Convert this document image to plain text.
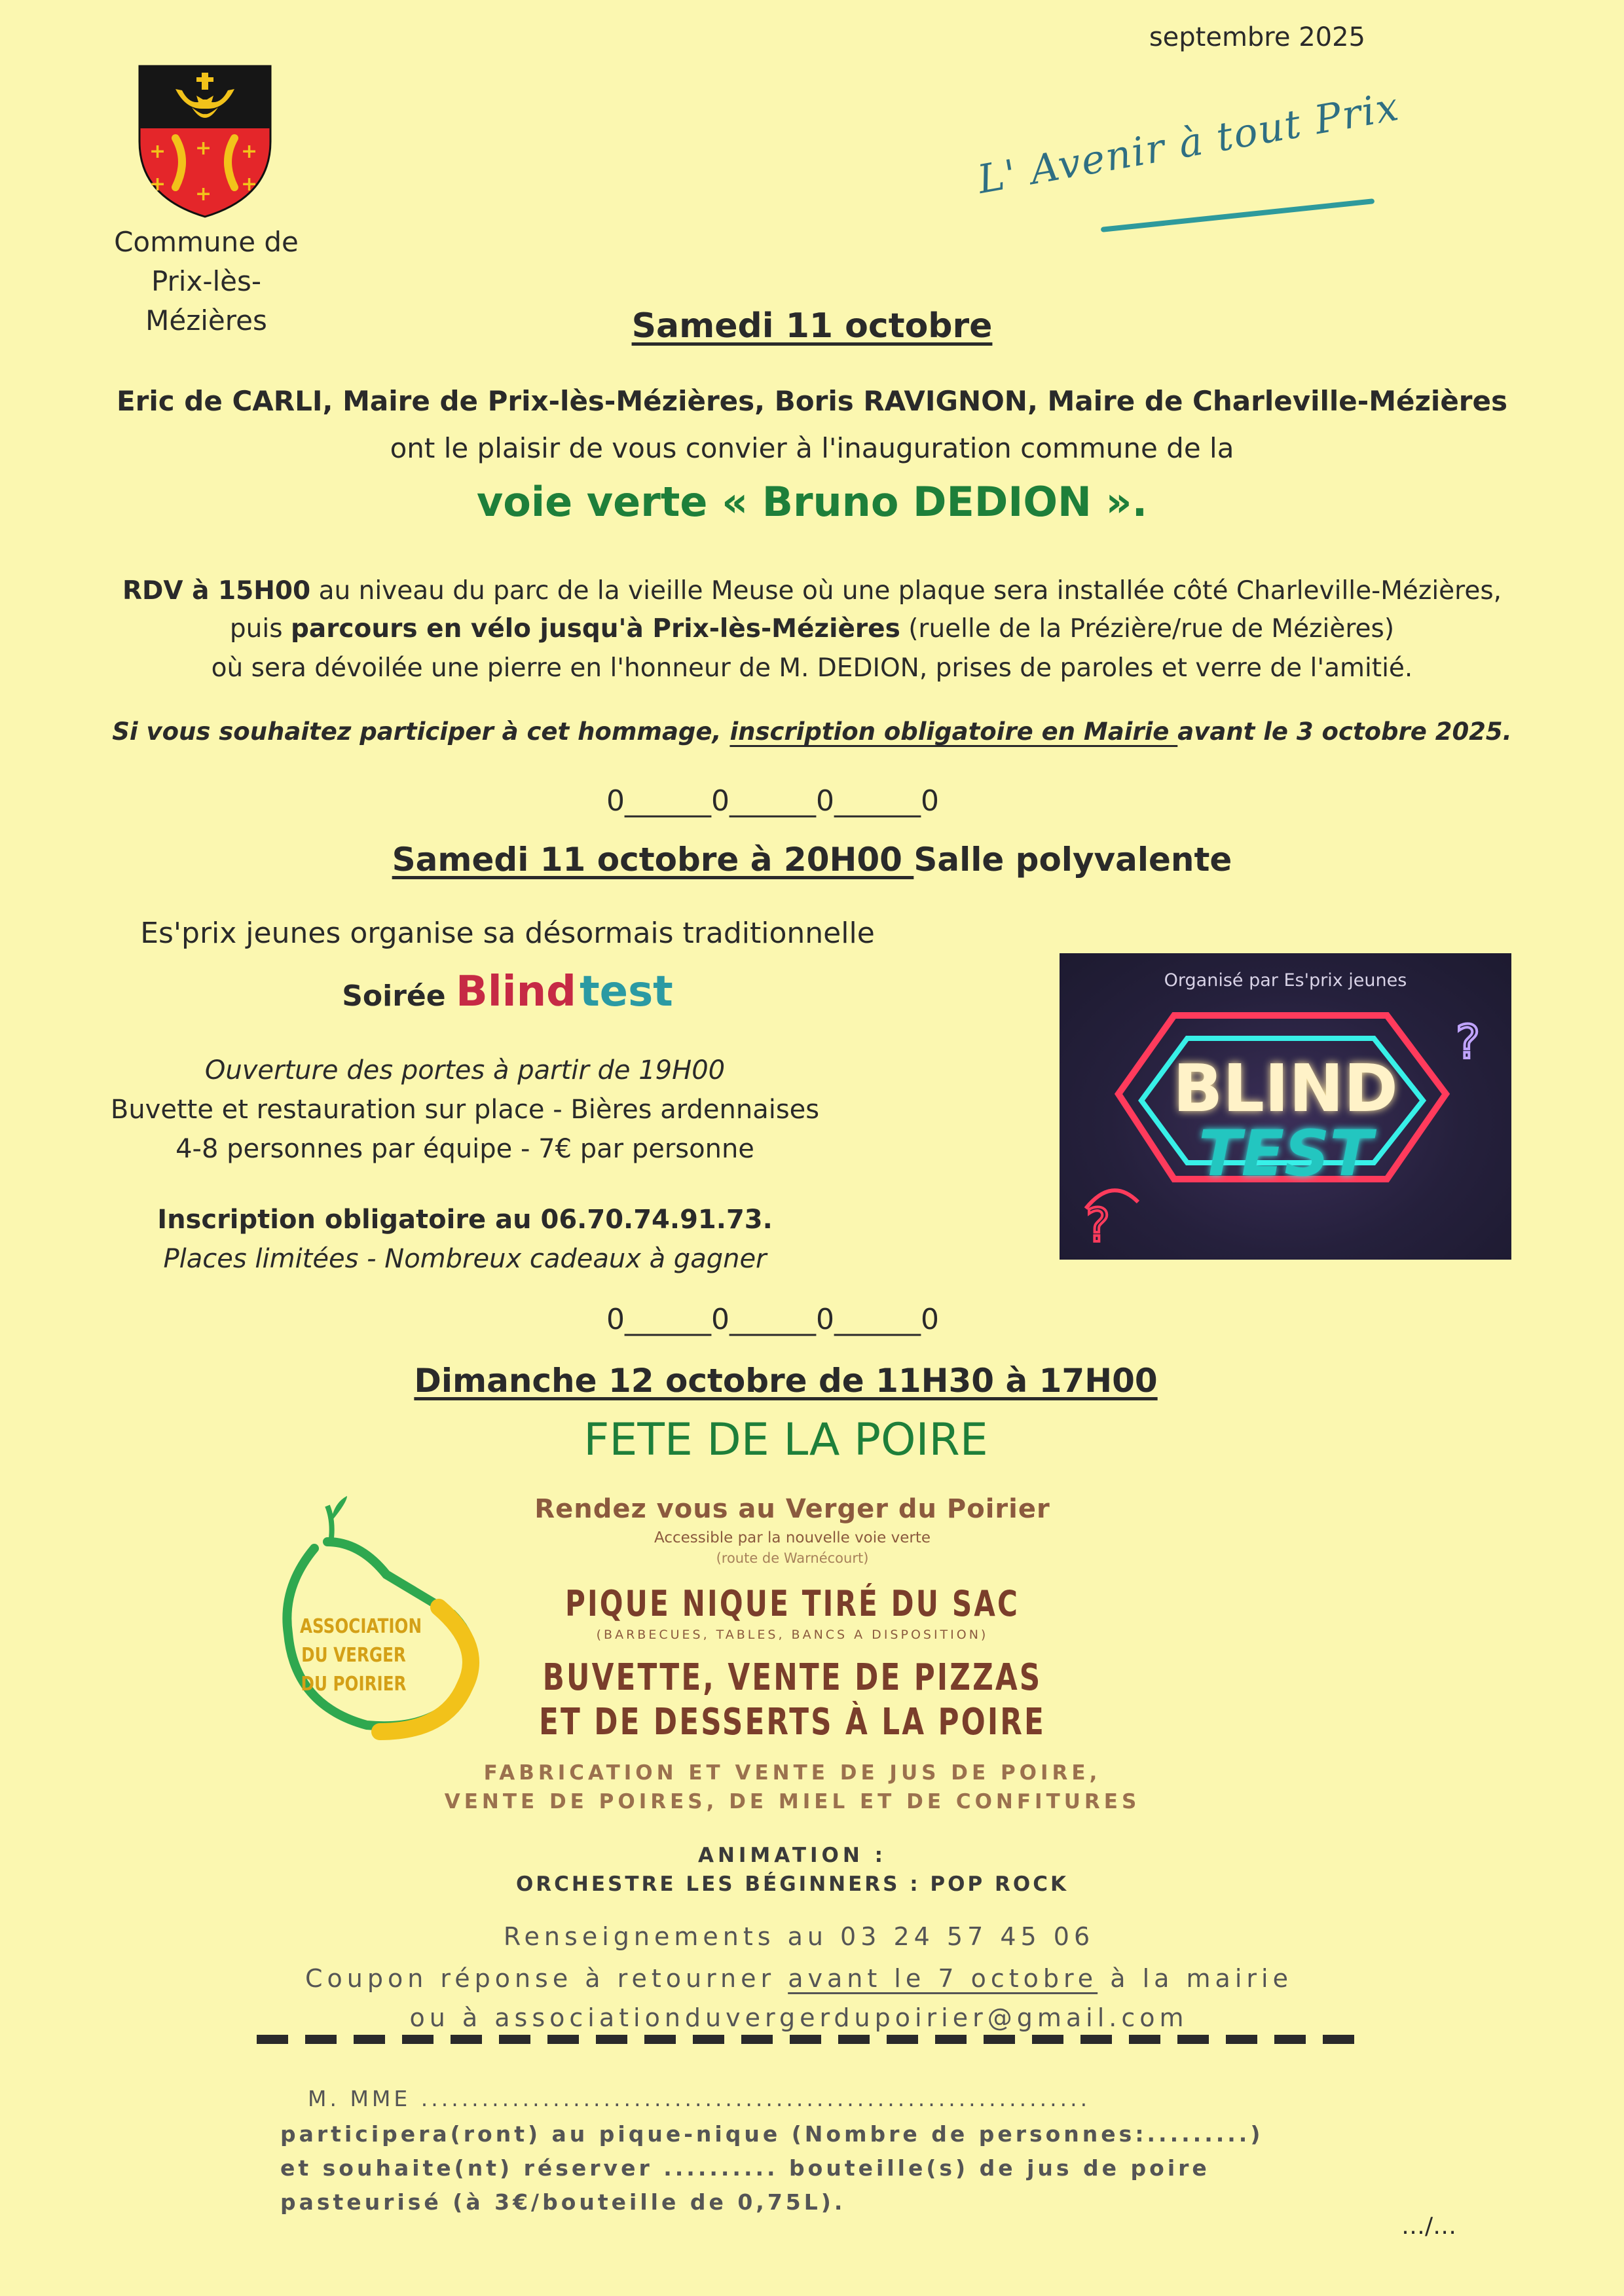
septembre 2025
+	+
+
+	+
+
Commune de
Prix-lès-Mézières
L' Avenir à tout Prix
Samedi 11 octobre
Eric de CARLI, Maire de Prix-lès-Mézières, Boris RAVIGNON, Maire de Charleville-Mézières
ont le plaisir de vous convier à l'inauguration commune de la
voie verte « Bruno DEDION ».
RDV à 15H00 au niveau du parc de la vieille Meuse où une plaque sera installée côté Charleville-Mézières,
puis parcours en vélo jusqu'à Prix-lès-Mézières (ruelle de la Prézière/rue de Mézières)
où sera dévoilée une pierre en l'honneur de M. DEDION, prises de paroles et verre de l'amitié.
Si vous souhaitez participer à cet hommage, inscription obligatoire en Mairie avant le 3 octobre 2025.
0______0______0______0
Samedi 11 octobre à 20H00 Salle polyvalente
Es'prix jeunes organise sa désormais traditionnelle
Soirée Blind test
Ouverture des portes à partir de 19H00
Buvette et restauration sur place - Bières ardennaises
4-8 personnes par équipe - 7€ par personne
Inscription obligatoire au 06.70.74.91.73.
Places limitées - Nombreux cadeaux à gagner
Organisé par Es'prix jeunes
?
?
BLIND
TEST
0______0______0______0
Dimanche 12 octobre de 11H30 à 17H00
FETE DE LA POIRE
ASSOCIATION
DU VERGER
DU POIRIER
Rendez vous au Verger du Poirier
Accessible par la nouvelle voie verte
(route de Warnécourt)
PIQUE NIQUE TIRÉ DU SAC
(BARBECUES, TABLES, BANCS A DISPOSITION)
BUVETTE, VENTE DE PIZZAS
ET DE DESSERTS À LA POIRE
FABRICATION ET VENTE DE JUS DE POIRE,
VENTE DE POIRES, DE MIEL ET DE CONFITURES
ANIMATION :
ORCHESTRE LES BÉGINNERS : POP ROCK
Renseignements au 03 24 57 45 06
Coupon réponse à retourner avant le 7 octobre à la mairie
ou à associationduvergerdupoirier@gmail.com
M. MME ..................................................................
participera(ront) au pique-nique (Nombre de personnes:.........)
et souhaite(nt) réserver .......... bouteille(s) de jus de poire
pasteurisé (à 3€/bouteille de 0,75L).
…/…
